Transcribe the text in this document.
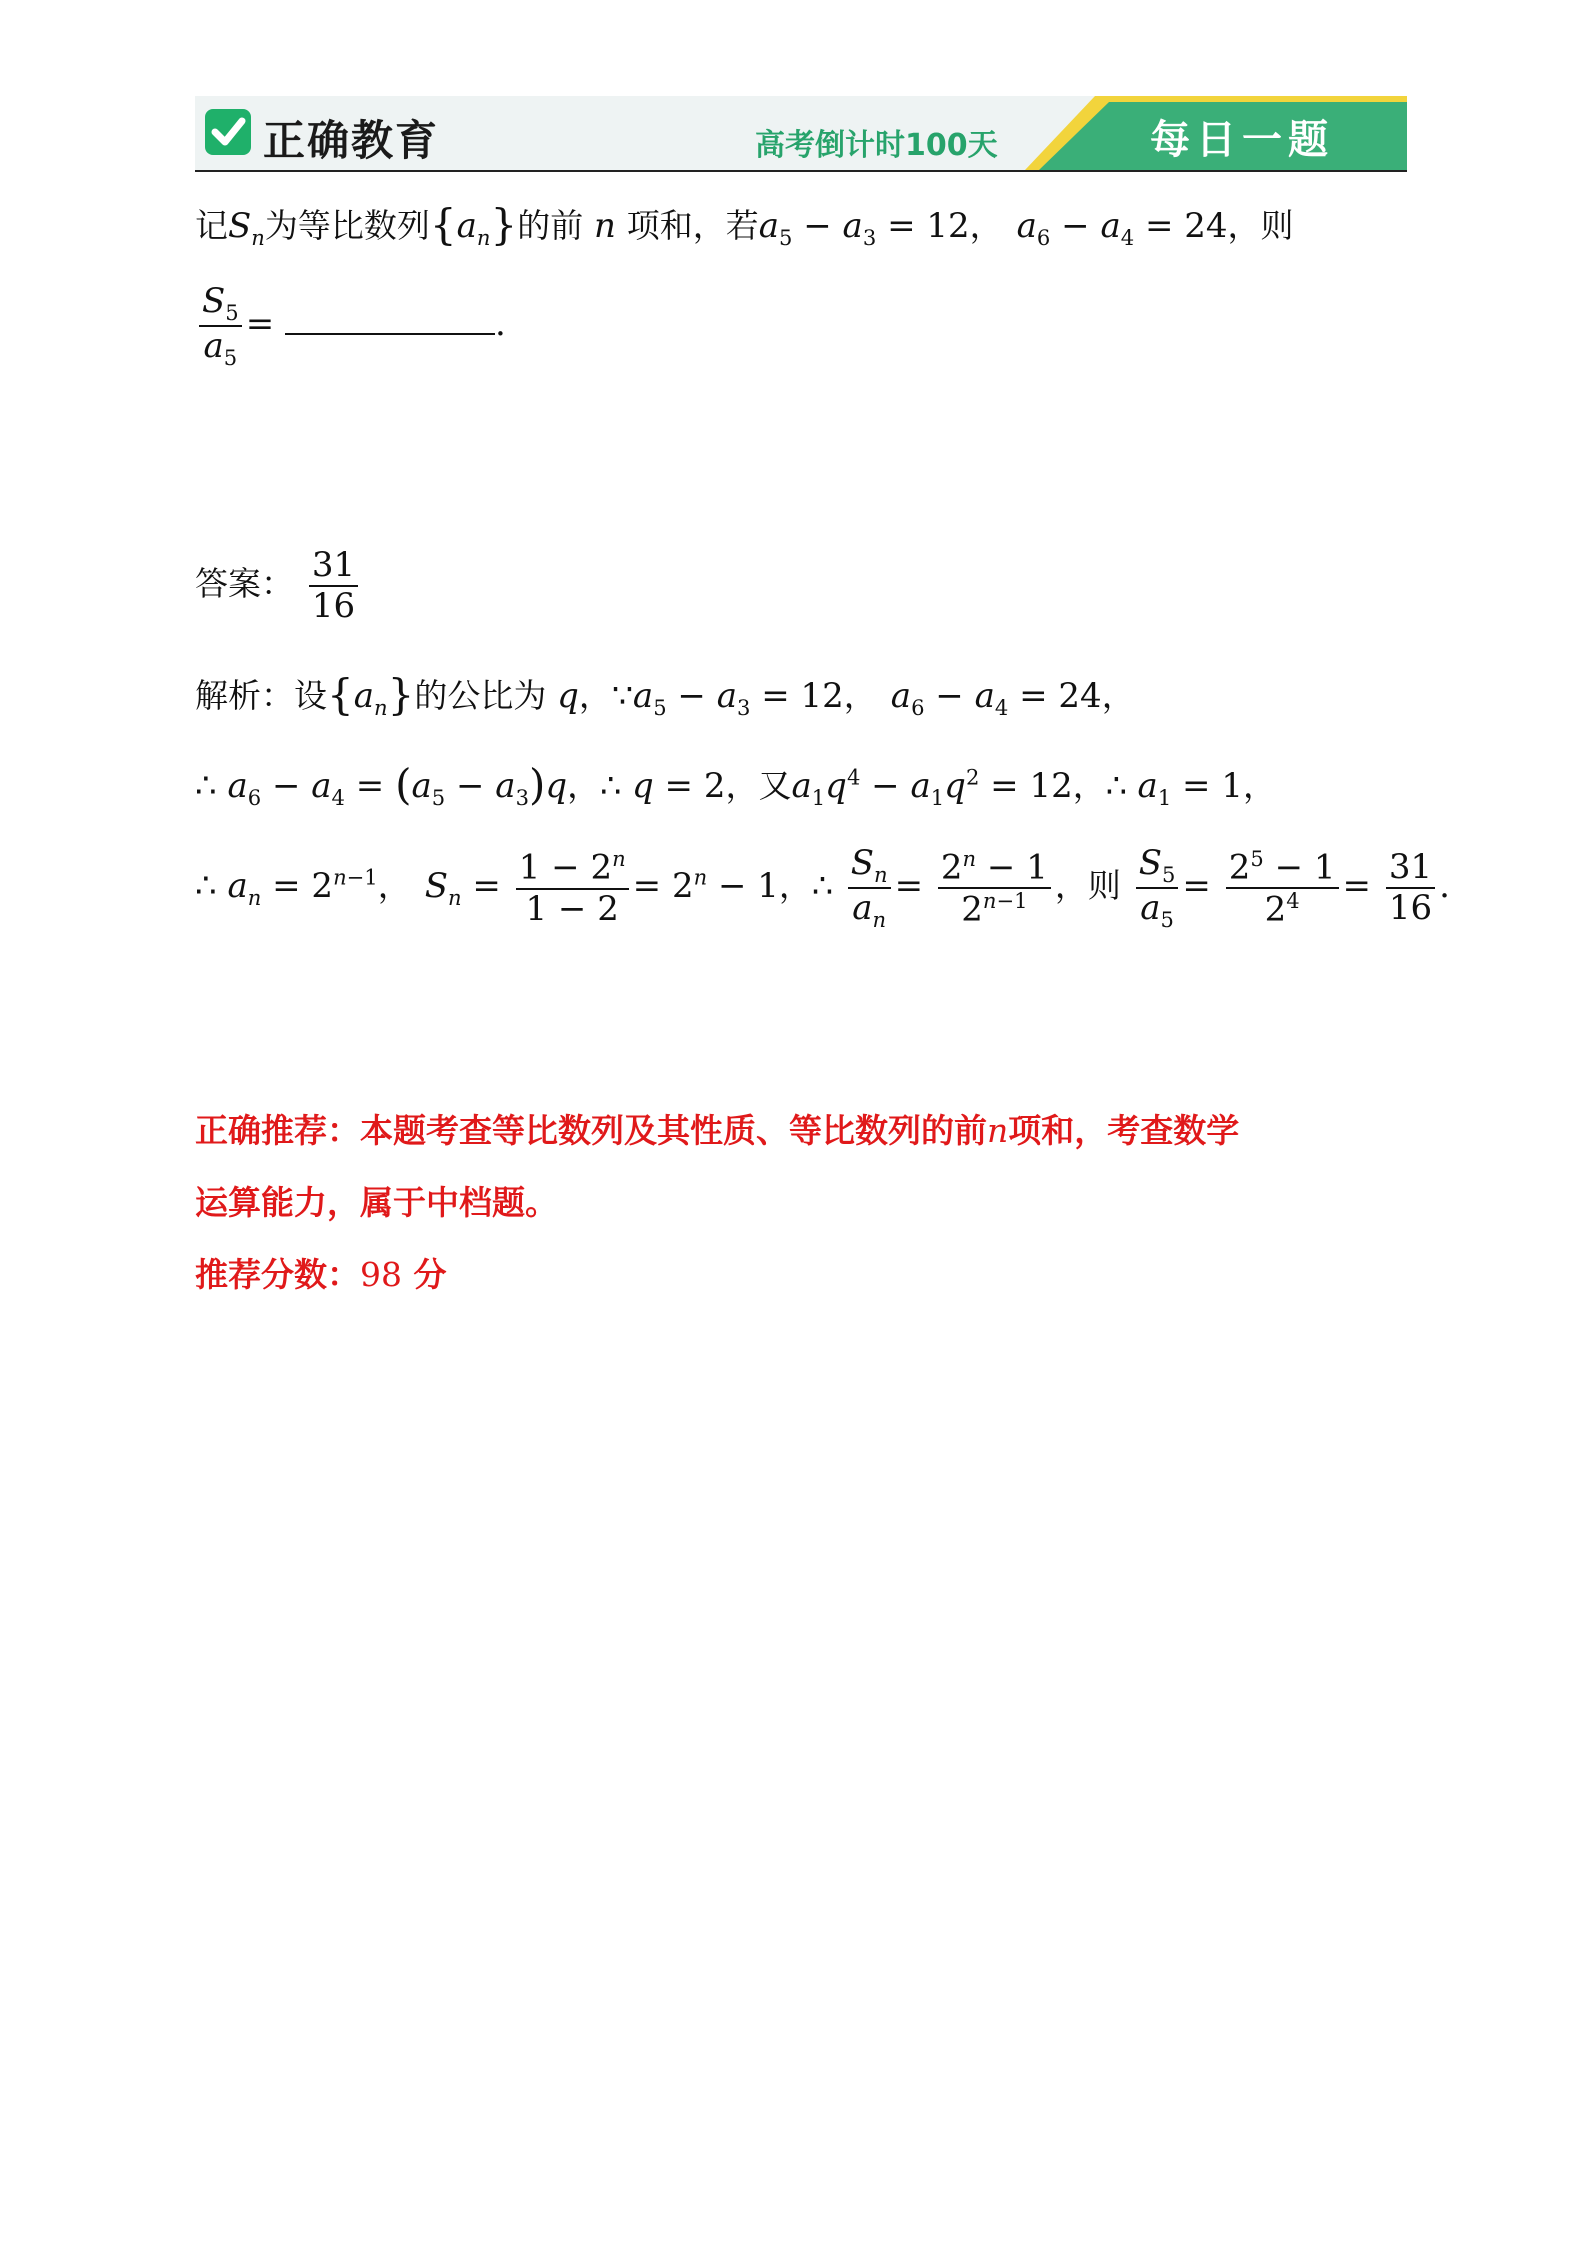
正确教育	高考倒计时100天	每日一题
记$S_n$为等比数列$\{a_n\}$的前 n 项和，若$a_5 - a_3 = 12$， $a_6 - a_4 = 24$，则
$\frac{S_5}{a_5}$ =	.
答案： $\frac{31}{16}$
解析：设$\{a_n\}$的公比为 q，$\because a_5 - a_3 = 12$， $a_6 - a_4 = 24$，
∴ $a_6 - a_4 = (a_5 - a_3)q$，∴ q = 2，又$a_1q^4 - a_1q^2 = 12$，∴ $a_1 = 1$，
∴ $a_n = 2^{n-1}$， $S_n = \frac{1 - 2^n}{1 - 2} = 2^n - 1$，∴ $\frac{S_n}{a_n} = \frac{2^n - 1}{2^{n-1}}$ ，则 $\frac{S_5}{a_5} = \frac{2^5 - 1}{2^4} = \frac{31}{16}$ .
正确推荐：本题考查等比数列及其性质、等比数列的前n项和，考查数学
运算能力，属于中档题。
推荐分数：98 分
